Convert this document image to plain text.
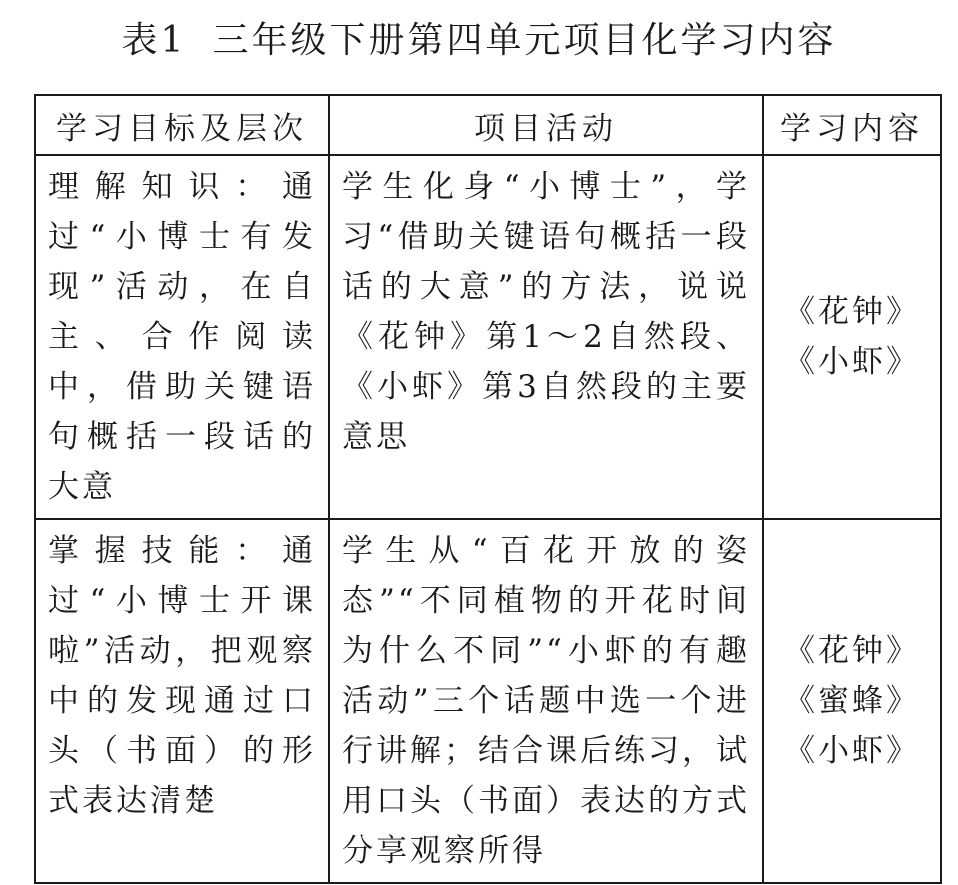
表1 三年级下册第四单元项目化学习内容
学习目标及层次	项目活动	学习内容
理解知识：通过“小博士有发现”活动，在自主、合作阅读中，借助关键语句概括一段话的大意	学生化身“小博士”，学习“借助关键语句概括一段话的大意”的方法，说说《花钟》第1～2自然段、《小虾》第3自然段的主要意思	《花钟》
《小虾》

掌握技能：通过“小博士开课啦”活动，把观察中的发现通过口头（书面）的形式表达清楚	学生从“百花开放的姿态”“不同植物的开花时间为什么不同”“小虾的有趣活动”三个话题中选一个进行讲解；结合课后练习，试用口头（书面）表达的方式分享观察所得	《花钟》
《蜜蜂》
《小虾》
